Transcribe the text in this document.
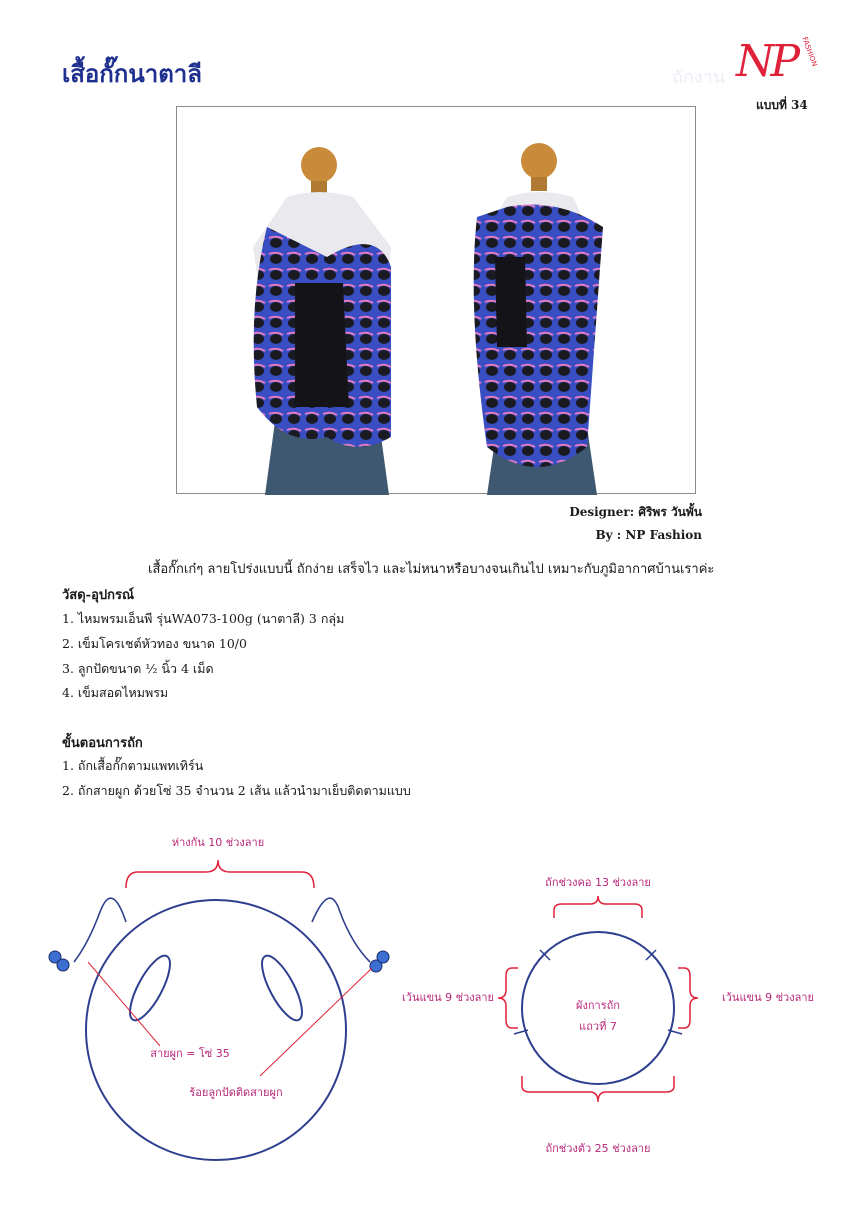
เสื้อกั๊กนาตาลี	ถักงาน NP FASHION
แบบที่ 34
Designer: ศิริพร วันพั้น
By : NP Fashion
เสื้อกั๊กเก๋ๆ ลายโปร่งแบบนี้ ถักง่าย เสร็จไว และไม่หนาหรือบางจนเกินไป เหมาะกับภูมิอากาศบ้านเราค่ะ
วัสดุ-อุปกรณ์
1. ไหมพรมเอ็นพี รุ่นWA073-100g (นาตาลี) 3 กลุ่ม
2. เข็มโครเชต์หัวทอง ขนาด 10/0
3. ลูกปัดขนาด ½ นิ้ว 4 เม็ด
4. เข็มสอดไหมพรม
ขั้นตอนการถัก
1. ถักเสื้อกั๊กตามแพทเทิร์น
2. ถักสายผูก ด้วยโซ่ 35 จำนวน 2 เส้น แล้วนำมาเย็บติดตามแบบ
ห่างกัน 10 ช่วงลาย
สายผูก = โซ่ 35
ร้อยลูกปัดติดสายผูก
ถักช่วงคอ 13 ช่วงลาย
เว้นแขน 9 ช่วงลาย	เว้นแขน 9 ช่วงลาย
ผังการถัก
แถวที่ 7
ถักช่วงตัว 25 ช่วงลาย
